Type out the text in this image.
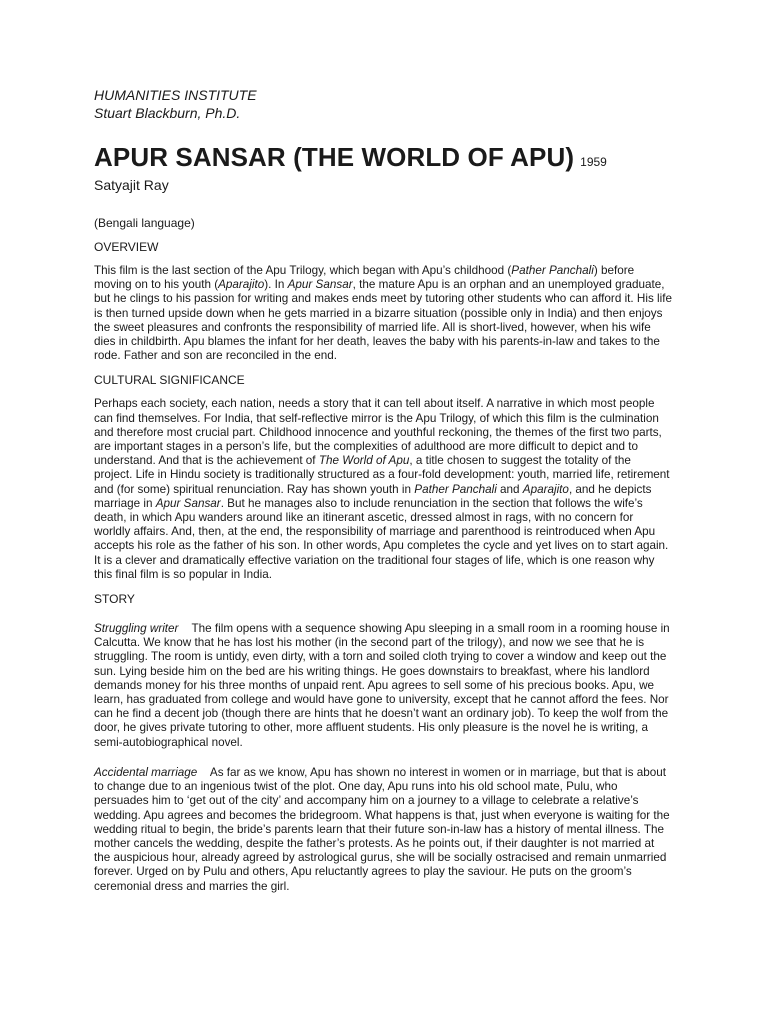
HUMANITIES INSTITUTE

Stuart Blackburn, Ph.D.

APUR SANSAR (THE WORLD OF APU) 1959

Satyajit Ray

(Bengali language)

OVERVIEW

This film is the last section of the Apu Trilogy, which began with Apu’s childhood (Pather Panchali) before moving on to his youth (Aparajito). In Apur Sansar, the mature Apu is an orphan and an unemployed graduate, but he clings to his passion for writing and makes ends meet by tutoring other students who can afford it. His life is then turned upside down when he gets married in a bizarre situation (possible only in India) and then enjoys the sweet pleasures and confronts the responsibility of married life. All is short-lived, however, when his wife dies in childbirth. Apu blames the infant for her death, leaves the baby with his parents-in-law and takes to the rode. Father and son are reconciled in the end.

CULTURAL SIGNIFICANCE

Perhaps each society, each nation, needs a story that it can tell about itself. A narrative in which most people can find themselves. For India, that self-reflective mirror is the Apu Trilogy, of which this film is the culmination and therefore most crucial part. Childhood innocence and youthful reckoning, the themes of the first two parts, are important stages in a person’s life, but the complexities of adulthood are more difficult to depict and to understand. And that is the achievement of The World of Apu, a title chosen to suggest the totality of the project. Life in Hindu society is traditionally structured as a four-fold development: youth, married life, retirement and (for some) spiritual renunciation. Ray has shown youth in Pather Panchali and Aparajito, and he depicts marriage in Apur Sansar. But he manages also to include renunciation in the section that follows the wife’s death, in which Apu wanders around like an itinerant ascetic, dressed almost in rags, with no concern for worldly affairs. And, then, at the end, the responsibility of marriage and parenthood is reintroduced when Apu accepts his role as the father of his son. In other words, Apu completes the cycle and yet lives on to start again. It is a clever and dramatically effective variation on the traditional four stages of life, which is one reason why this final film is so popular in India.

STORY

Struggling writer The film opens with a sequence showing Apu sleeping in a small room in a rooming house in Calcutta. We know that he has lost his mother (in the second part of the trilogy), and now we see that he is struggling. The room is untidy, even dirty, with a torn and soiled cloth trying to cover a window and keep out the sun. Lying beside him on the bed are his writing things. He goes downstairs to breakfast, where his landlord demands money for his three months of unpaid rent. Apu agrees to sell some of his precious books. Apu, we learn, has graduated from college and would have gone to university, except that he cannot afford the fees. Nor can he find a decent job (though there are hints that he doesn’t want an ordinary job). To keep the wolf from the door, he gives private tutoring to other, more affluent students. His only pleasure is the novel he is writing, a semi-autobiographical novel.

Accidental marriage As far as we know, Apu has shown no interest in women or in marriage, but that is about to change due to an ingenious twist of the plot. One day, Apu runs into his old school mate, Pulu, who persuades him to ‘get out of the city’ and accompany him on a journey to a village to celebrate a relative’s wedding. Apu agrees and becomes the bridegroom. What happens is that, just when everyone is waiting for the wedding ritual to begin, the bride’s parents learn that their future son-in-law has a history of mental illness. The mother cancels the wedding, despite the father’s protests. As he points out, if their daughter is not married at the auspicious hour, already agreed by astrological gurus, she will be socially ostracised and remain unmarried forever. Urged on by Pulu and others, Apu reluctantly agrees to play the saviour. He puts on the groom’s ceremonial dress and marries the girl.
